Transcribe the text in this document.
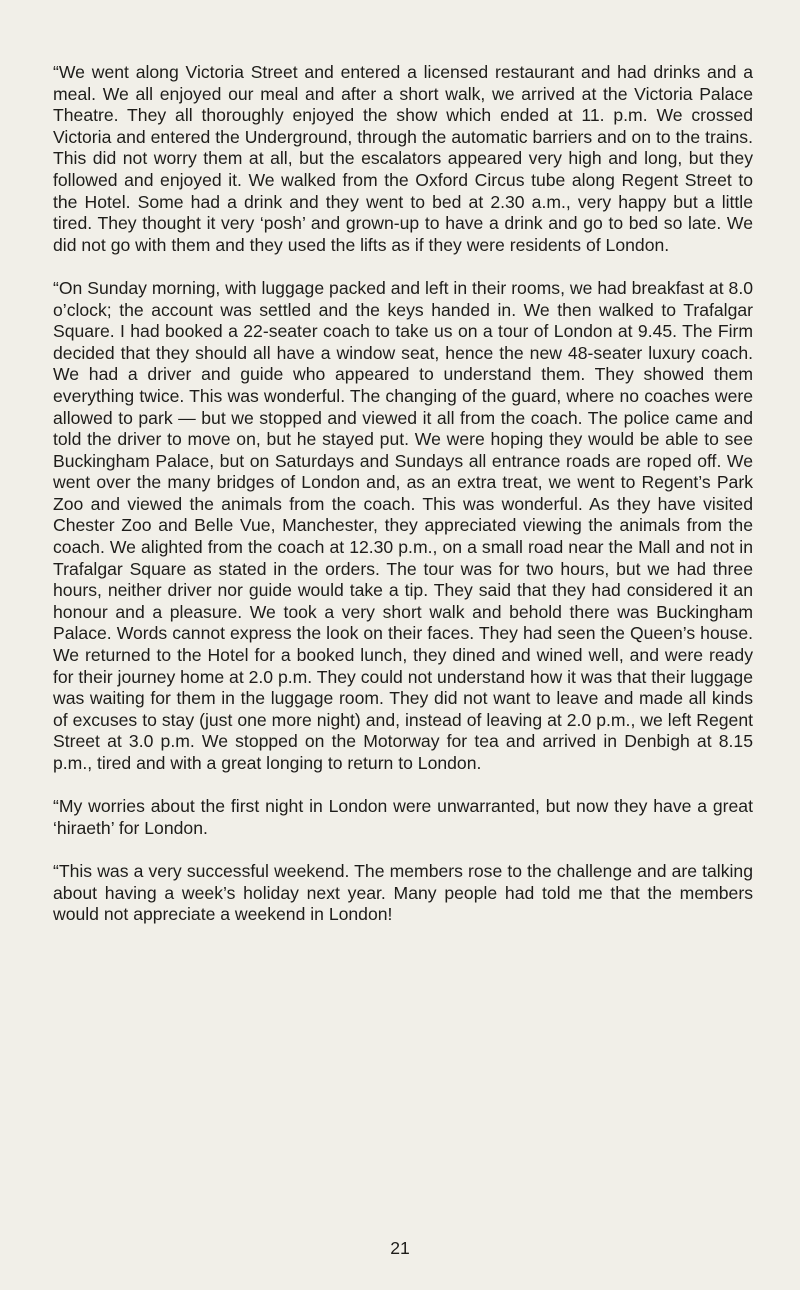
“We went along Victoria Street and entered a licensed restaurant and had drinks and a meal. We all enjoyed our meal and after a short walk, we arrived at the Victoria Palace Theatre. They all thoroughly enjoyed the show which ended at 11. p.m. We crossed Victoria and entered the Underground, through the automatic barriers and on to the trains. This did not worry them at all, but the escalators appeared very high and long, but they followed and enjoyed it. We walked from the Oxford Circus tube along Regent Street to the Hotel. Some had a drink and they went to bed at 2.30 a.m., very happy but a little tired. They thought it very ‘posh’ and grown-up to have a drink and go to bed so late. We did not go with them and they used the lifts as if they were residents of London.

“On Sunday morning, with luggage packed and left in their rooms, we had breakfast at 8.0 o’clock; the account was settled and the keys handed in. We then walked to Trafalgar Square. I had booked a 22-seater coach to take us on a tour of London at 9.45. The Firm decided that they should all have a window seat, hence the new 48-seater luxury coach. We had a driver and guide who appeared to understand them. They showed them everything twice. This was wonderful. The changing of the guard, where no coaches were allowed to park — but we stopped and viewed it all from the coach. The police came and told the driver to move on, but he stayed put. We were hoping they would be able to see Buckingham Palace, but on Saturdays and Sundays all entrance roads are roped off. We went over the many bridges of London and, as an extra treat, we went to Regent’s Park Zoo and viewed the animals from the coach. This was wonderful. As they have visited Chester Zoo and Belle Vue, Manchester, they appreciated viewing the animals from the coach. We alighted from the coach at 12.30 p.m., on a small road near the Mall and not in Trafalgar Square as stated in the orders. The tour was for two hours, but we had three hours, neither driver nor guide would take a tip. They said that they had considered it an honour and a pleasure. We took a very short walk and behold there was Buckingham Palace. Words cannot express the look on their faces. They had seen the Queen’s house. We returned to the Hotel for a booked lunch, they dined and wined well, and were ready for their journey home at 2.0 p.m. They could not understand how it was that their luggage was waiting for them in the luggage room. They did not want to leave and made all kinds of excuses to stay (just one more night) and, instead of leaving at 2.0 p.m., we left Regent Street at 3.0 p.m. We stopped on the Motorway for tea and arrived in Denbigh at 8.15 p.m., tired and with a great longing to return to London.

“My worries about the first night in London were unwarranted, but now they have a great ‘hiraeth’ for London.

“This was a very successful weekend. The members rose to the challenge and are talking about having a week’s holiday next year. Many people had told me that the members would not appreciate a weekend in London!

21
